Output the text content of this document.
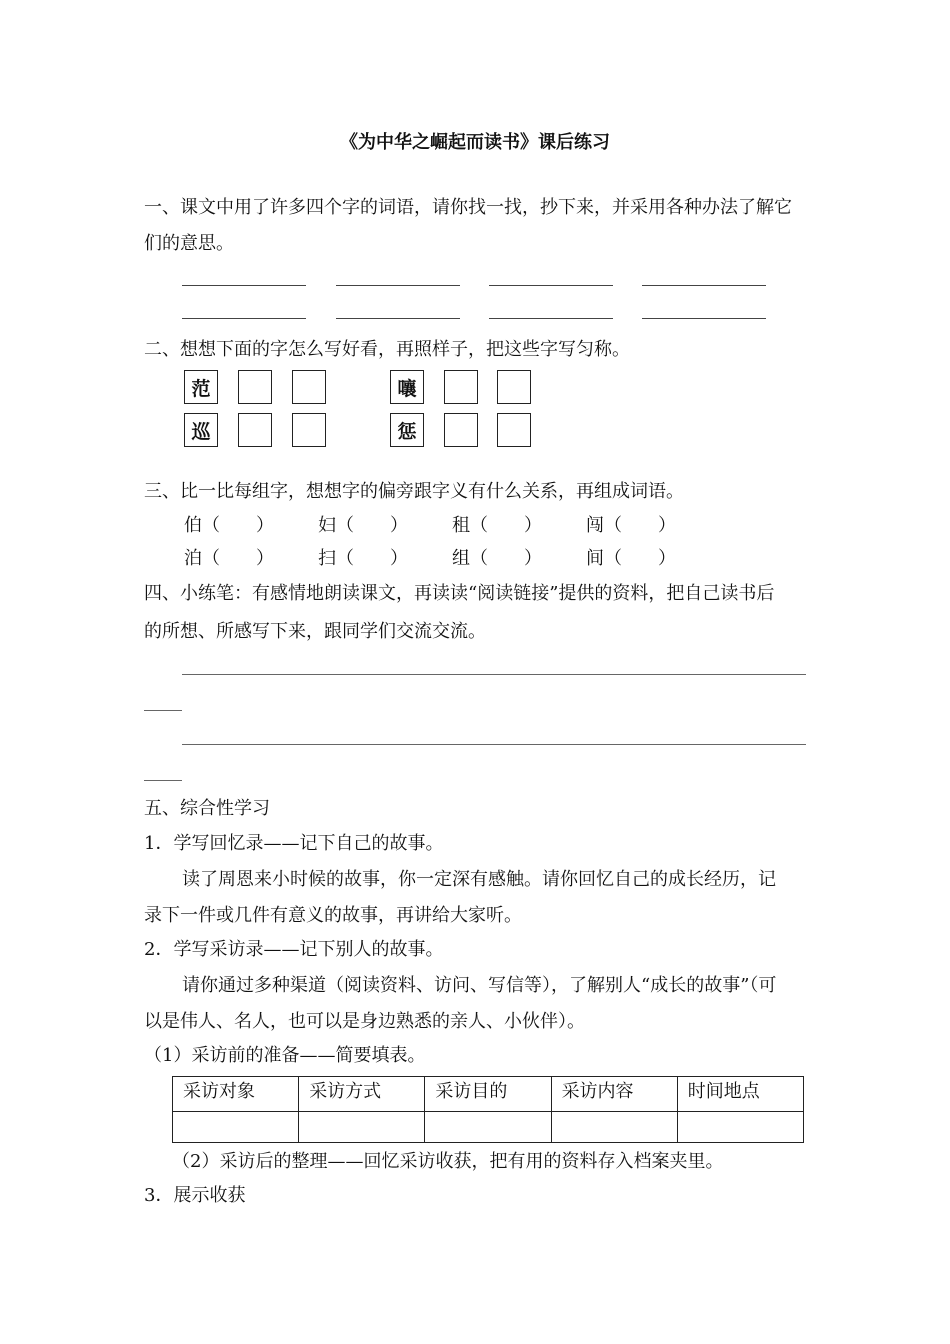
《为中华之崛起而读书》课后练习
一、课文中用了许多四个字的词语，请你找一找，抄下来，并采用各种办法了解它
们的意思。
二、想想下面的字怎么写好看，再照样子，把这些字写匀称。
范	嚷
巡	惩
三、比一比每组字，想想字的偏旁跟字义有什么关系，再组成词语。
伯（　　） 妇（　　） 租（　　） 闯（　　）
泊（　　） 扫（　　） 组（　　） 间（　　）
四、小练笔：有感情地朗读课文，再读读“阅读链接”提供的资料，把自己读书后
的所想、所感写下来，跟同学们交流交流。
五、综合性学习
1．学写回忆录——记下自己的故事。
读了周恩来小时候的故事，你一定深有感触。请你回忆自己的成长经历，记
录下一件或几件有意义的故事，再讲给大家听。
2．学写采访录——记下别人的故事。
请你通过多种渠道（阅读资料、访问、写信等），了解别人“成长的故事”（可
以是伟人、名人，也可以是身边熟悉的亲人、小伙伴）。
（1）采访前的准备——简要填表。
采访对象	采访方式	采访目的	采访内容	时间地点

（2）采访后的整理——回忆采访收获，把有用的资料存入档案夹里。
3．展示收获
